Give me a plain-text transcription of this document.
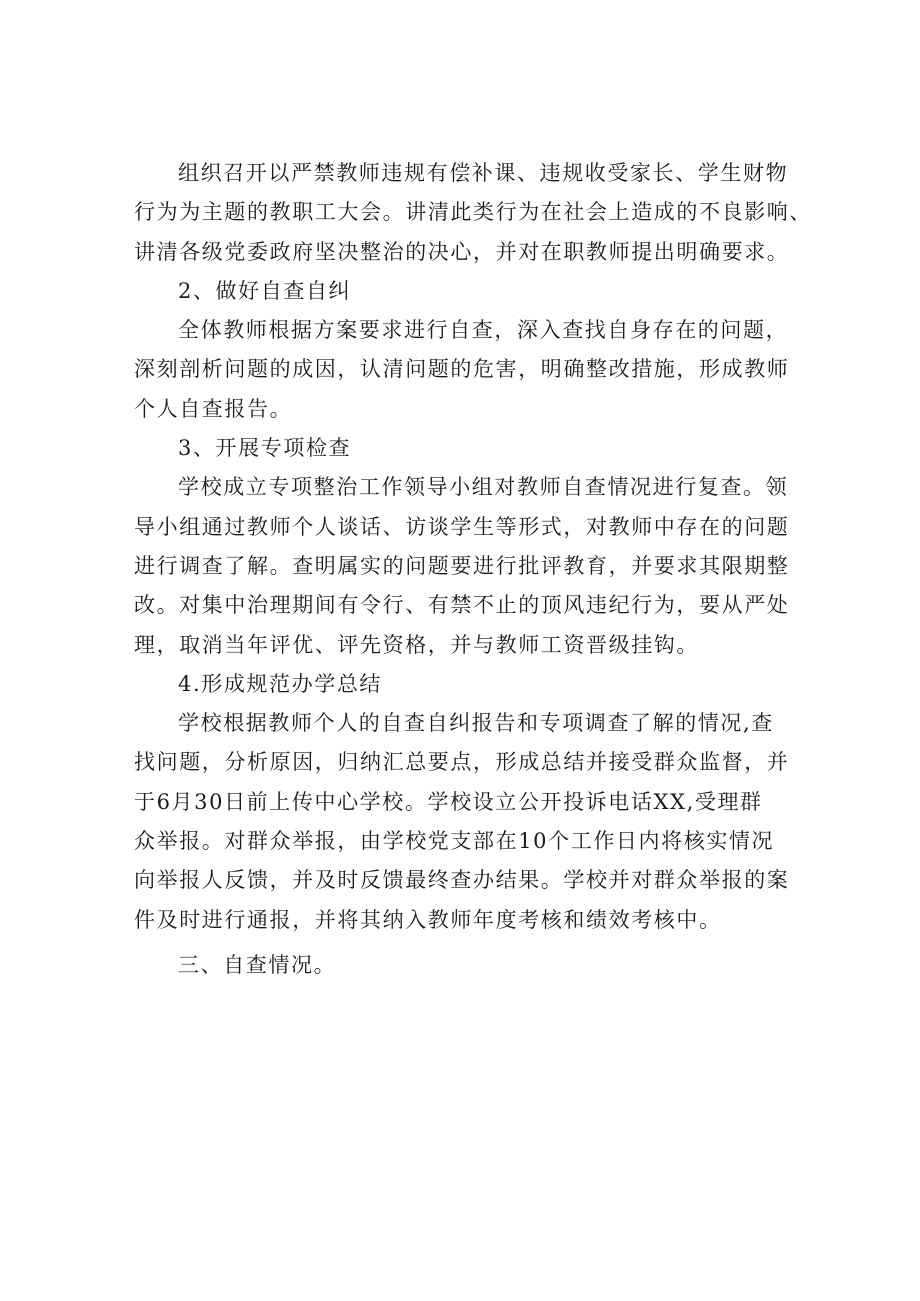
组织召开以严禁教师违规有偿补课、违规收受家长、学生财物
行为为主题的教职工大会。讲清此类行为在社会上造成的不良影响、
讲清各级党委政府坚决整治的决心，并对在职教师提出明确要求。
2、做好自查自纠
全体教师根据方案要求进行自查，深入查找自身存在的问题，
深刻剖析问题的成因，认清问题的危害，明确整改措施，形成教师
个人自查报告。
3、开展专项检查
学校成立专项整治工作领导小组对教师自查情况进行复查。领
导小组通过教师个人谈话、访谈学生等形式，对教师中存在的问题
进行调查了解。查明属实的问题要进行批评教育，并要求其限期整
改。对集中治理期间有令行、有禁不止的顶风违纪行为，要从严处
理，取消当年评优、评先资格，并与教师工资晋级挂钩。
4.形成规范办学总结
学校根据教师个人的自查自纠报告和专项调查了解的情况,查
找问题，分析原因，归纳汇总要点，形成总结并接受群众监督，并
于6月30日前上传中心学校。学校设立公开投诉电话XX,受理群
众举报。对群众举报，由学校党支部在10个工作日内将核实情况
向举报人反馈，并及时反馈最终查办结果。学校并对群众举报的案
件及时进行通报，并将其纳入教师年度考核和绩效考核中。
三、自查情况。
